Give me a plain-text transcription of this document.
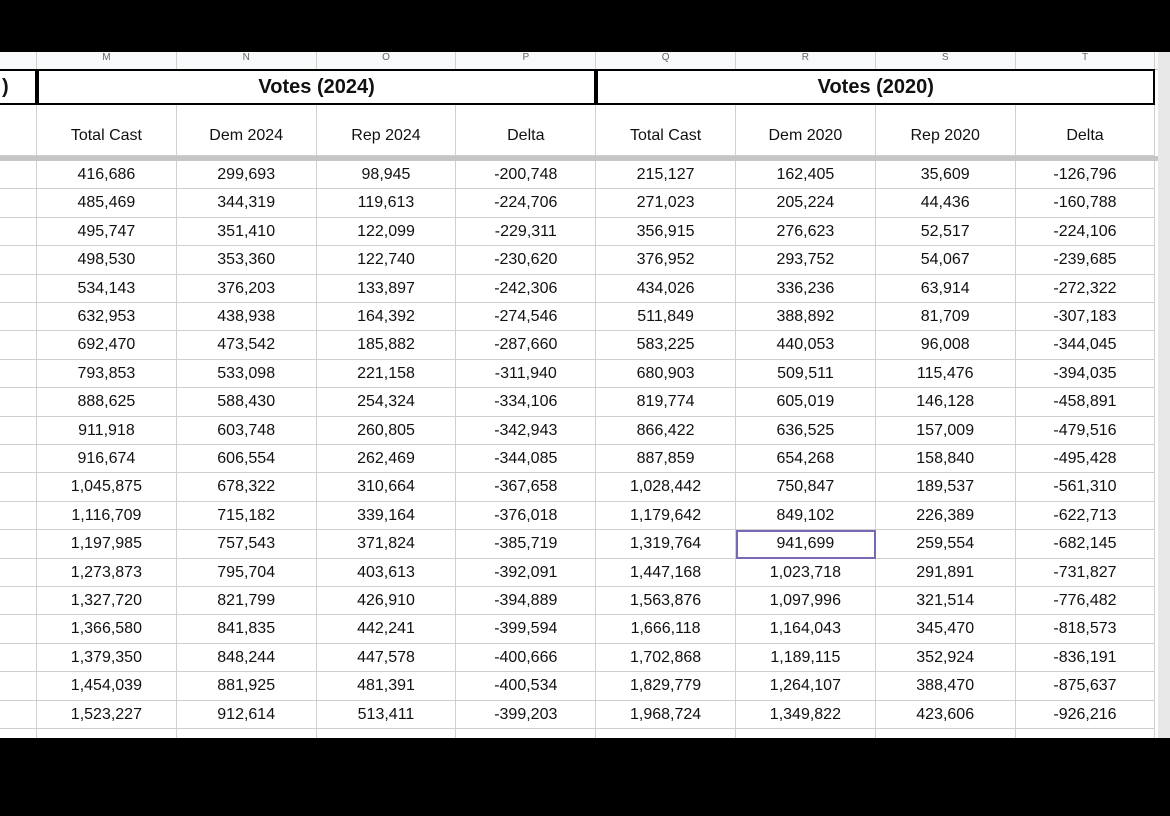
M	N	O	P	Q	R	S	T
)	Votes (2024)	Votes (2020)
Total Cast	Dem 2024	Rep 2024	Delta	Total Cast	Dem 2020	Rep 2020	Delta
416,686	299,693	98,945	-200,748	215,127	162,405	35,609	-126,796
485,469	344,319	119,613	-224,706	271,023	205,224	44,436	-160,788
495,747	351,410	122,099	-229,311	356,915	276,623	52,517	-224,106
498,530	353,360	122,740	-230,620	376,952	293,752	54,067	-239,685
534,143	376,203	133,897	-242,306	434,026	336,236	63,914	-272,322
632,953	438,938	164,392	-274,546	511,849	388,892	81,709	-307,183
692,470	473,542	185,882	-287,660	583,225	440,053	96,008	-344,045
793,853	533,098	221,158	-311,940	680,903	509,511	115,476	-394,035
888,625	588,430	254,324	-334,106	819,774	605,019	146,128	-458,891
911,918	603,748	260,805	-342,943	866,422	636,525	157,009	-479,516
916,674	606,554	262,469	-344,085	887,859	654,268	158,840	-495,428
1,045,875	678,322	310,664	-367,658	1,028,442	750,847	189,537	-561,310
1,116,709	715,182	339,164	-376,018	1,179,642	849,102	226,389	-622,713
1,197,985	757,543	371,824	-385,719	1,319,764	941,699	259,554	-682,145
1,273,873	795,704	403,613	-392,091	1,447,168	1,023,718	291,891	-731,827
1,327,720	821,799	426,910	-394,889	1,563,876	1,097,996	321,514	-776,482
1,366,580	841,835	442,241	-399,594	1,666,118	1,164,043	345,470	-818,573
1,379,350	848,244	447,578	-400,666	1,702,868	1,189,115	352,924	-836,191
1,454,039	881,925	481,391	-400,534	1,829,779	1,264,107	388,470	-875,637
1,523,227	912,614	513,411	-399,203	1,968,724	1,349,822	423,606	-926,216
